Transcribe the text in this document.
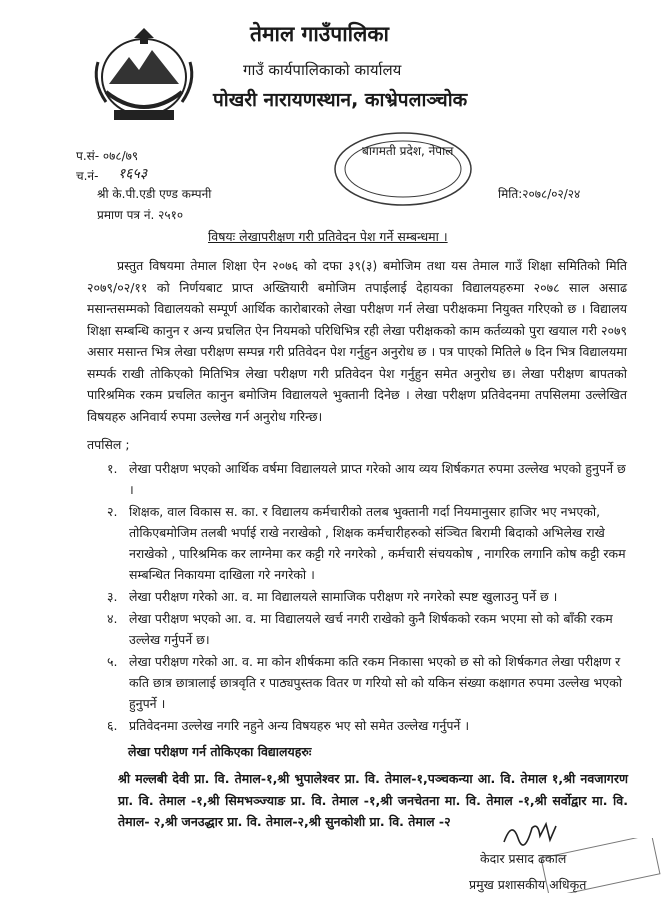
तेमाल गाउँपालिका
गाउँ कार्यपालिकाको कार्यालय
पोखरी नारायणस्थान, काभ्रेपलाञ्चोक
बागमती प्रदेश, नेपाल
प.सं- ०७८/७९
च.नं- १६५३
श्री के.पी.एडी एण्ड कम्पनी
प्रमाण पत्र नं. २५१०
मिति:२०७८/०२/२४
विषयः लेखापरीक्षण गरी प्रतिवेदन पेश गर्ने सम्बन्धमा ।

प्रस्तुत विषयमा तेमाल शिक्षा ऐन २०७६ को दफा ३९(३) बमोजिम तथा यस तेमाल गाउँ शिक्षा समितिको मिति २०७९/०२/११ को निर्णयबाट प्राप्त अख्तियारी बमोजिम तपाईलाई देहायका विद्यालयहरुमा २०७८ साल असाढ मसान्तसम्मको विद्यालयको सम्पूर्ण आर्थिक कारोबारको लेखा परीक्षण गर्न लेखा परीक्षकमा नियुक्त गरिएको छ । विद्यालय शिक्षा सम्बन्धि कानुन र अन्य प्रचलित ऐन नियमको परिधिभित्र रही लेखा परीक्षकको काम कर्तव्यको पुरा खयाल गरी २०७९ असार मसान्त भित्र लेखा परीक्षण सम्पन्न गरी प्रतिवेदन पेश गर्नुहुन अनुरोध छ । पत्र पाएको मितिले ७ दिन भित्र विद्यालयमा सम्पर्क राखी तोकिएको मितिभित्र लेखा परीक्षण गरी प्रतिवेदन पेश गर्नुहुन समेत अनुरोध छ। लेखा परीक्षण बापतको पारिश्रमिक रकम प्रचलित कानुन बमोजिम विद्यालयले भुक्तानी दिनेछ । लेखा परीक्षण प्रतिवेदनमा तपसिलमा उल्लेखित विषयहरु अनिवार्य रुपमा उल्लेख गर्न अनुरोध गरिन्छ।

तपसिल ;
१. लेखा परीक्षण भएको आर्थिक वर्षमा विद्यालयले प्राप्त गरेको आय व्यय शिर्षकगत रुपमा उल्लेख भएको हुनुपर्ने छ ।
२. शिक्षक, वाल विकास स. का. र विद्यालय कर्मचारीको तलब भुक्तानी गर्दा नियमानुसार हाजिर भए नभएको, तोकिएबमोजिम तलबी भर्पाई राखे नराखेको , शिक्षक कर्मचारीहरुको संञ्चित बिरामी बिदाको अभिलेख राखे नराखेको , पारिश्रमिक कर लाग्नेमा कर कट्टी गरे नगरेको , कर्मचारी संचयकोष , नागरिक लगानि कोष कट्टी रकम सम्बन्धित निकायमा दाखिला गरे नगरेको ।
३. लेखा परीक्षण गरेको आ. व. मा विद्यालयले सामाजिक परीक्षण गरे नगरेको स्पष्ट खुलाउनु पर्ने छ ।
४. लेखा परीक्षण भएको आ. व. मा विद्यालयले खर्च नगरी राखेको कुनै शिर्षकको रकम भएमा सो को बाँकी रकम उल्लेख गर्नुपर्ने छ।
५. लेखा परीक्षण गरेको आ. व. मा कोन शीर्षकमा कति रकम निकासा भएको छ सो को शिर्षकगत लेखा परीक्षण र कति छात्र छात्रालाई छात्रवृति र पाठ्यपुस्तक वितर ण गरियो सो को यकिन संख्या कक्षागत रुपमा उल्लेख भएको हुनुपर्ने ।
६. प्रतिवेदनमा उल्लेख नगरि नहुने अन्य विषयहरु भए सो समेत उल्लेख गर्नुपर्ने ।
लेखा परीक्षण गर्न तोकिएका विद्यालयहरुः
श्री मल्लबी देवी प्रा. वि. तेमाल-१,श्री भुपालेश्वर प्रा. वि. तेमाल-१,पञ्चकन्या आ. वि. तेमाल १,श्री नवजागरण प्रा. वि. तेमाल -१,श्री सिमभञ्ज्याङ प्रा. वि. तेमाल -१,श्री जनचेतना मा. वि. तेमाल -१,श्री सर्वोद्वार मा. वि. तेमाल- २,श्री जनउद्धार प्रा. वि. तेमाल-२,श्री सुनकोशी प्रा. वि. तेमाल -२
केदार प्रसाद ढकाल
प्रमुख प्रशासकीय अधिकृत
